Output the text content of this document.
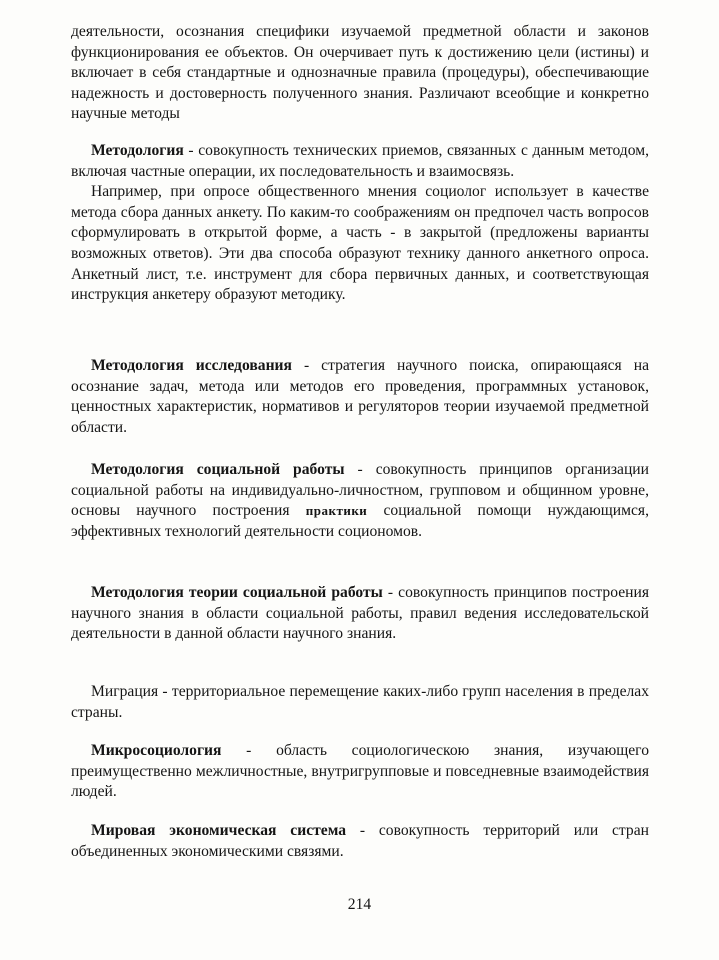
деятельности, осознания специфики изучаемой предметной области и законов функционирования ее объектов. Он очерчивает путь к достижению цели (истины) и включает в себя стандартные и однозначные правила (процедуры), обеспечивающие надежность и достоверность полученного знания. Различают всеобщие и конкретно научные методы

Методология - совокупность технических приемов, связанных с данным методом, включая частные операции, их последовательность и взаимосвязь.

Например, при опросе общественного мнения социолог использует в качестве метода сбора данных анкету. По каким-то соображениям он предпочел часть вопросов сформулировать в открытой форме, а часть - в закрытой (предложены варианты возможных ответов). Эти два способа образуют технику данного анкетного опроса. Анкетный лист, т.е. инструмент для сбора первичных данных, и соответствующая инструкция анкетеру образуют методику.

Методология исследования - стратегия научного поиска, опирающаяся на осознание задач, метода или методов его проведения, программных установок, ценностных характеристик, нормативов и регуляторов теории изучаемой предметной области.

Методология социальной работы - совокупность принципов организации социальной работы на индивидуально-личностном, групповом и общинном уровне, основы научного построения практики социальной помощи нуждающимся, эффективных технологий деятельности социономов.

Методология теории социальной работы - совокупность принципов построения научного знания в области социальной работы, правил ведения исследовательской деятельности в данной области научного знания.

Миграция - территориальное перемещение каких-либо групп населения в пределах страны.

Микросоциология - область социологическою знания, изучающего преимущественно межличностные, внутригрупповые и повседневные взаимодействия людей.

Мировая экономическая система - совокупность территорий или стран объединенных экономическими связями.

214
